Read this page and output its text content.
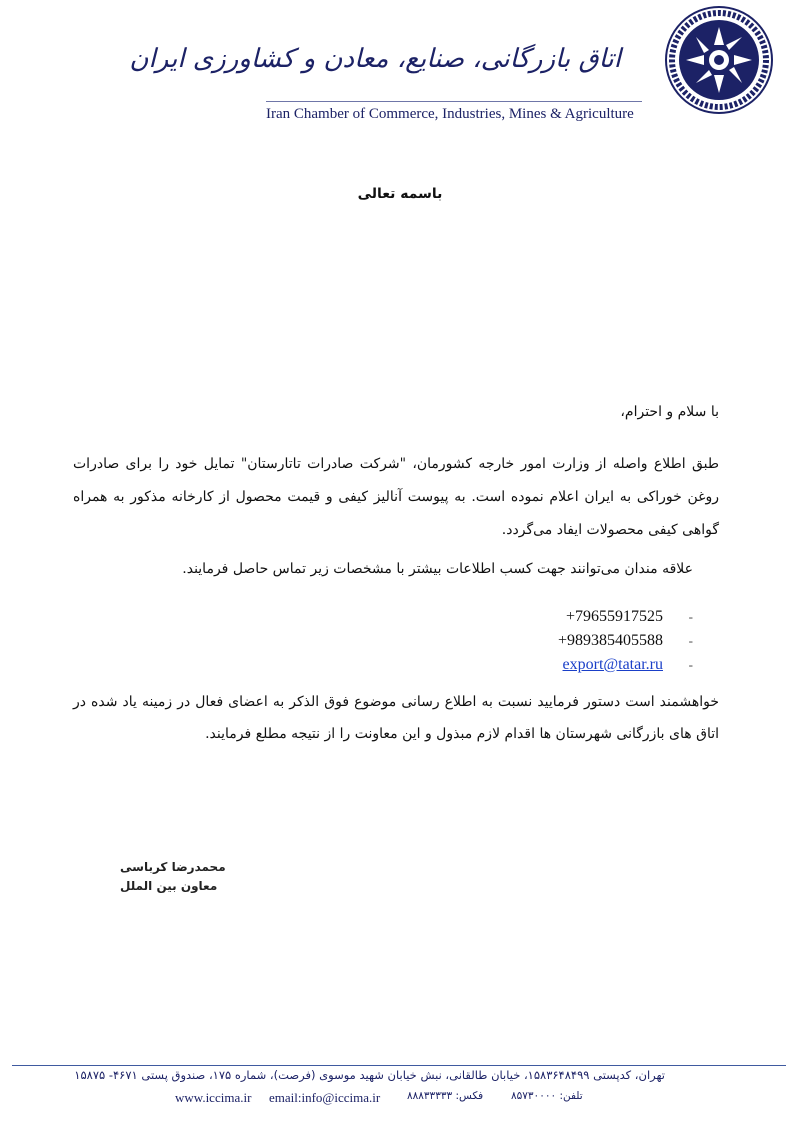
اتاق بازرگانی، صنایع، معادن و کشاورزی ایران
Iran Chamber of Commerce, Industries, Mines & Agriculture
باسمه تعالی
با سلام و احترام،
طبق اطلاع واصله از وزارت امور خارجه کشورمان، "شرکت صادرات تاتارستان" تمایل خود را برای صادرات روغن خوراکی به ایران اعلام نموده است. به پیوست آنالیز کیفی و قیمت محصول از کارخانه مذکور به همراه گواهی کیفی محصولات ایفاد می‌گردد.
علاقه مندان می‌توانند جهت کسب اطلاعات بیشتر با مشخصات زیر تماس حاصل فرمایند.
+79655917525	-
+989385405588	-
export@tatar.ru	-
خواهشمند است دستور فرمایید نسبت به اطلاع رسانی موضوع فوق الذکر به اعضای فعال در زمینه یاد شده در اتاق های بازرگانی شهرستان ها اقدام لازم مبذول و این معاونت را از نتیجه مطلع فرمایند.
محمدرضا کرباسی
معاون بین الملل
تهران، کدپستی ۱۵۸۳۶۴۸۴۹۹، خیابان طالقانی، نبش خیابان شهید موسوی (فرصت)، شماره ۱۷۵، صندوق پستی ۴۶۷۱- ۱۵۸۷۵
www.iccima.ir email:info@iccima.ir	فکس: ۸۸۸۳۳۳۳۳	تلفن: ۸۵۷۳۰۰۰۰
